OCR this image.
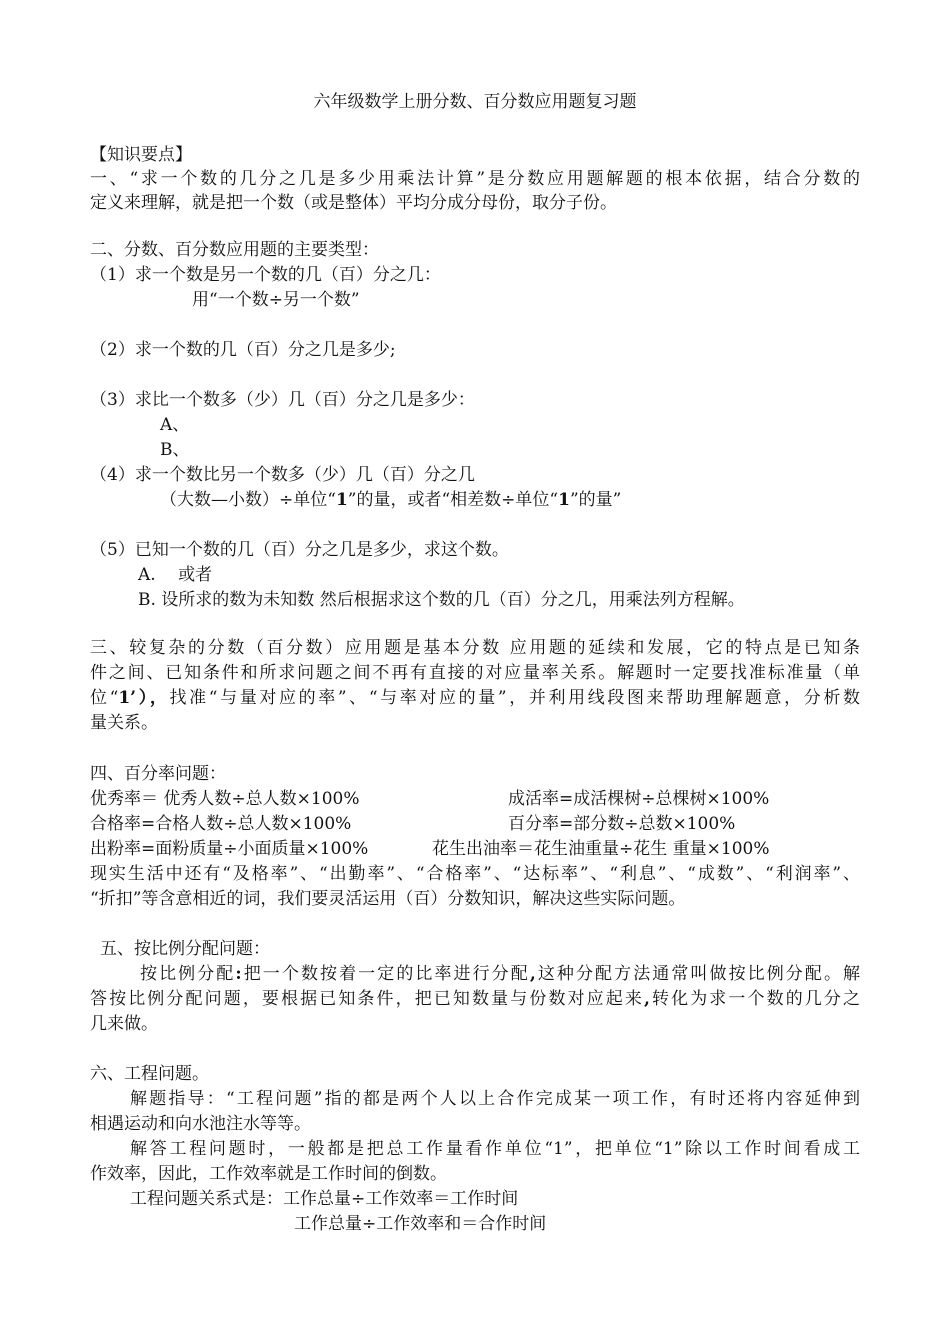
六年级数学上册分数、百分数应用题复习题
【知识要点】
一、“求一个数的几分之几是多少用乘法计算”是分数应用题解题的根本依据，结合分数的
定义来理解，就是把一个数（或是整体）平均分成分母份，取分子份。
二、分数、百分数应用题的主要类型：
（1）求一个数是另一个数的几（百）分之几：
用“一个数÷另一个数”
（2）求一个数的几（百）分之几是多少;
（3）求比一个数多（少）几（百）分之几是多少：
A、
B、
（4）求一个数比另一个数多（少）几（百）分之几
（大数—小数）÷单位“1”的量，或者“相差数÷单位“1”的量”
（5）已知一个数的几（百）分之几是多少，求这个数。
A.　 或者
B. 设所求的数为未知数 然后根据求这个数的几（百）分之几，用乘法列方程解。
三、较复杂的分数（百分数）应用题是基本分数 应用题的延续和发展，它的特点是已知条
件之间、已知条件和所求问题之间不再有直接的对应量率关系。解题时一定要找准标准量（单
位“1’），找准“与量对应的率”、“与率对应的量”，并利用线段图来帮助理解题意，分析数
量关系。
四、百分率问题：
优秀率＝ 优秀人数÷总人数×100%	成活率=成活棵树÷总棵树×100%
合格率=合格人数÷总人数×100%	百分率=部分数÷总数×100%
出粉率=面粉质量÷小面质量×100%	花生出油率＝花生油重量÷花生 重量×100%
现实生活中还有“及格率”、“出勤率”、“合格率”、“达标率”、“利息”、“成数”、“利润率”、
“折扣”等含意相近的词，我们要灵活运用（百）分数知识，解决这些实际问题。
五、按比例分配问题：
按比例分配:把一个数按着一定的比率进行分配,这种分配方法通常叫做按比例分配。解
答按比例分配问题，要根据已知条件，把已知数量与份数对应起来,转化为求一个数的几分之
几来做。
六、工程问题。
解题指导：“工程问题”指的都是两个人以上合作完成某一项工作，有时还将内容延伸到
相遇运动和向水池注水等等。
解答工程问题时，一般都是把总工作量看作单位“1”，把单位“1”除以工作时间看成工
作效率，因此，工作效率就是工作时间的倒数。
工程问题关系式是：工作总量÷工作效率＝工作时间
工作总量÷工作效率和＝合作时间
